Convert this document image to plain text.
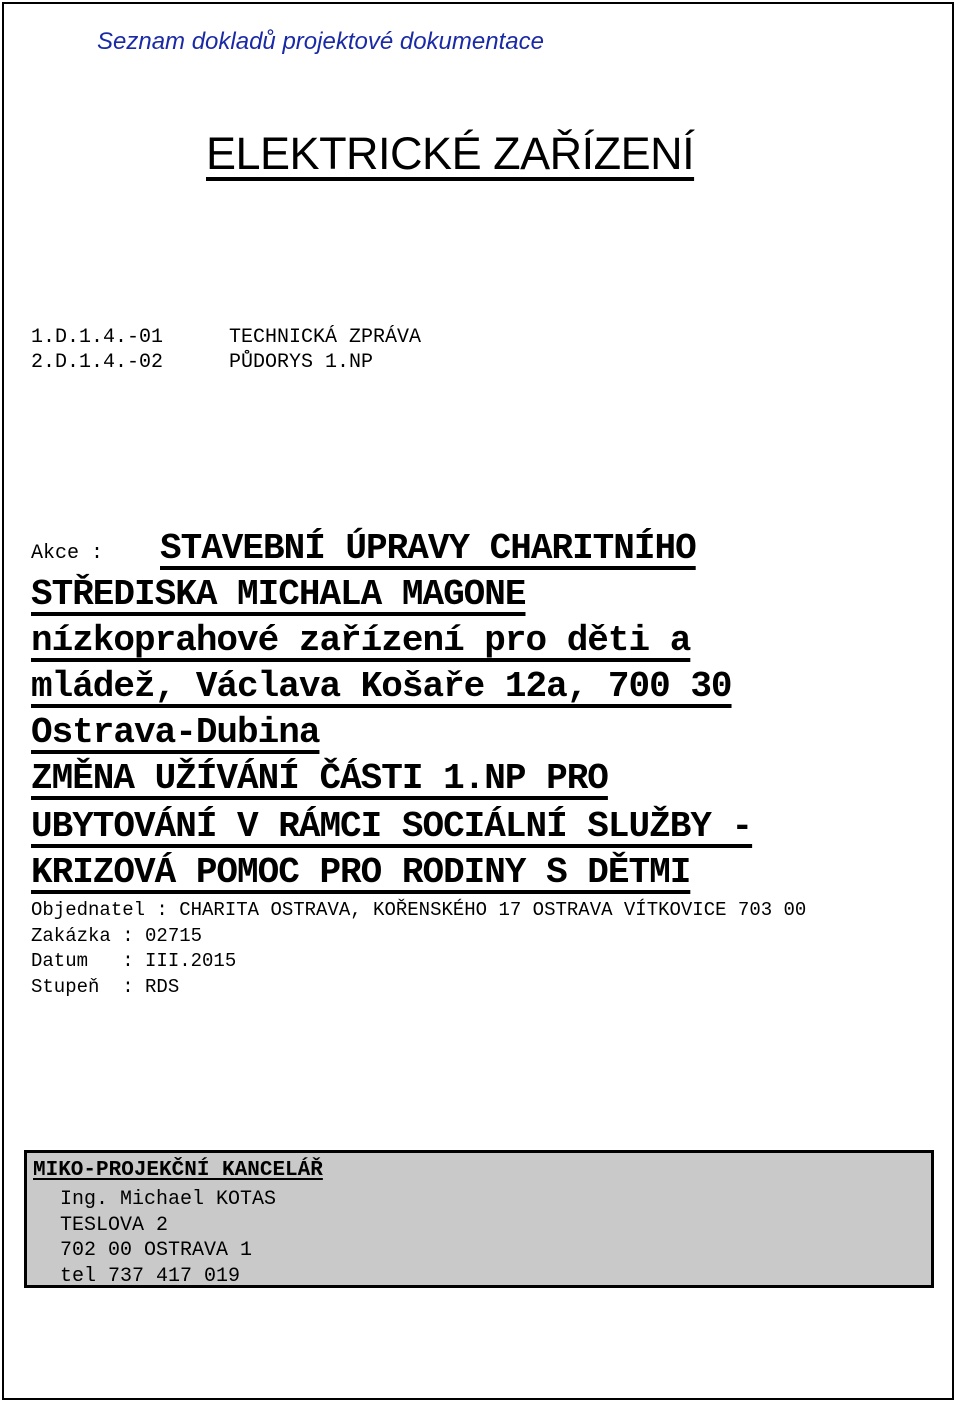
Seznam dokladů projektové dokumentace
ELEKTRICKÉ ZAŘÍZENÍ
1.D.1.4.-01	TECHNICKÁ ZPRÁVA
2.D.1.4.-02	PŮDORYS 1.NP
Akce : STAVEBNÍ ÚPRAVY CHARITNÍHO
STŘEDISKA MICHALA MAGONE
nízkoprahové zařízení pro děti a
mládež, Václava Košaře 12a, 700 30
Ostrava-Dubina
ZMĚNA UŽÍVÁNÍ ČÁSTI 1.NP PRO
UBYTOVÁNÍ V RÁMCI SOCIÁLNÍ SLUŽBY -
KRIZOVÁ POMOC PRO RODINY S DĚTMI
Objednatel : CHARITA OSTRAVA, KOŘENSKÉHO 17 OSTRAVA VÍTKOVICE 703 00
Zakázka : 02715
Datum   : III.2015
Stupeň  : RDS
MIKO-PROJEKČNÍ KANCELÁŘ
Ing. Michael KOTAS
TESLOVA 2
702 00 OSTRAVA 1
tel 737 417 019
